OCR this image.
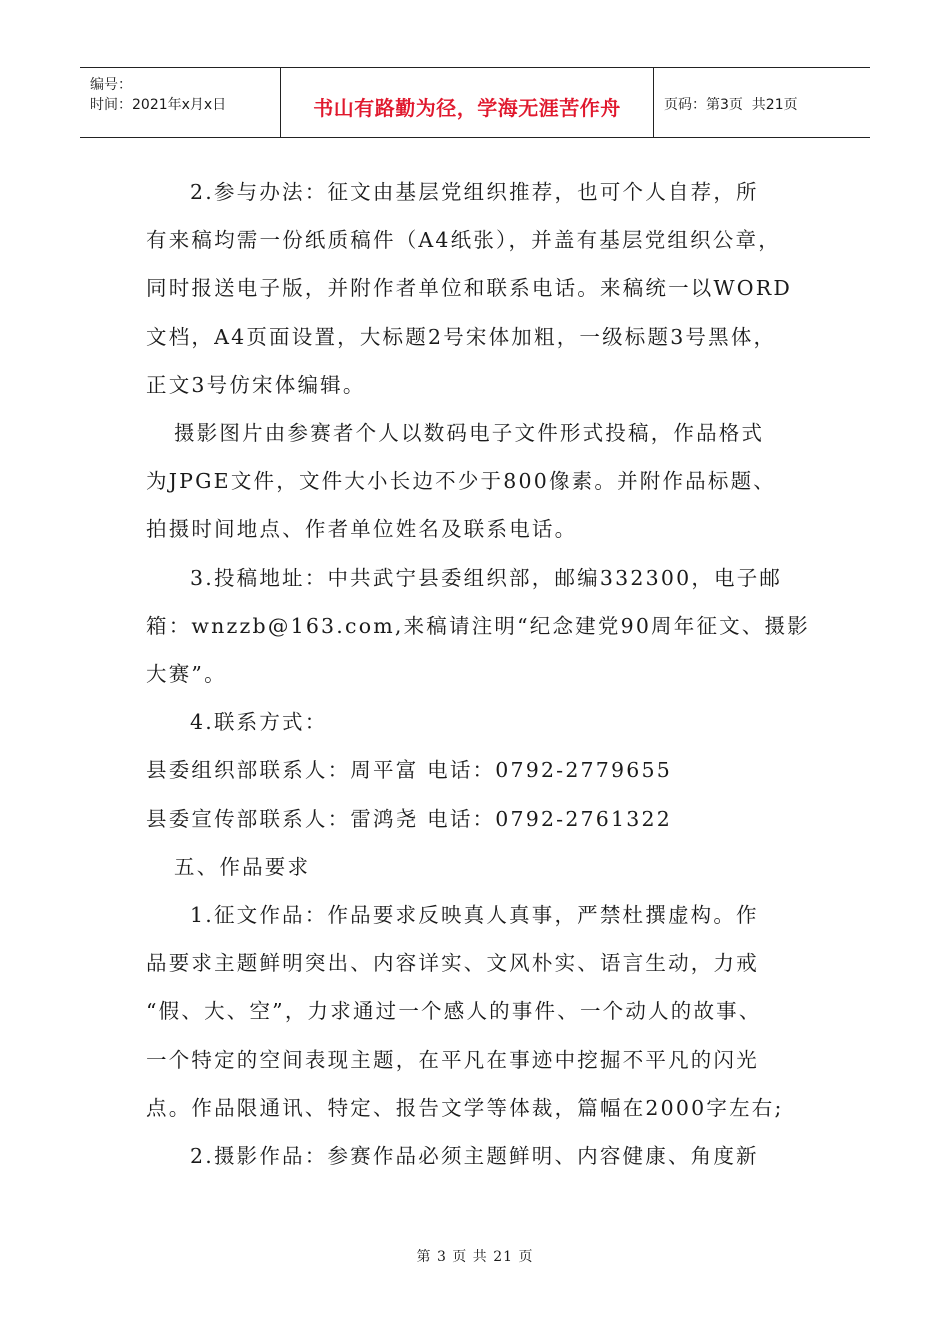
编号：
时间：2021年x月x日	书山有路勤为径，学海无涯苦作舟	页码：第3页  共21页

2.参与办法：征文由基层党组织推荐，也可个人自荐，所

有来稿均需一份纸质稿件（A4纸张），并盖有基层党组织公章，

同时报送电子版，并附作者单位和联系电话。来稿统一以WORD

文档，A4页面设置，大标题2号宋体加粗，一级标题3号黑体，

正文3号仿宋体编辑。

摄影图片由参赛者个人以数码电子文件形式投稿，作品格式

为JPGE文件，文件大小长边不少于800像素。并附作品标题、

拍摄时间地点、作者单位姓名及联系电话。

3.投稿地址：中共武宁县委组织部，邮编332300，电子邮

箱：wnzzb@163.com,来稿请注明“纪念建党90周年征文、摄影

大赛”。

4.联系方式：

县委组织部联系人：周平富 电话：0792-2779655

县委宣传部联系人：雷鸿尧 电话：0792-2761322

五、作品要求

1.征文作品：作品要求反映真人真事，严禁杜撰虚构。作

品要求主题鲜明突出、内容详实、文风朴实、语言生动，力戒

“假、大、空”，力求通过一个感人的事件、一个动人的故事、

一个特定的空间表现主题，在平凡在事迹中挖掘不平凡的闪光

点。作品限通讯、特定、报告文学等体裁，篇幅在2000字左右;

2.摄影作品：参赛作品必须主题鲜明、内容健康、角度新

第 3 页 共 21 页
